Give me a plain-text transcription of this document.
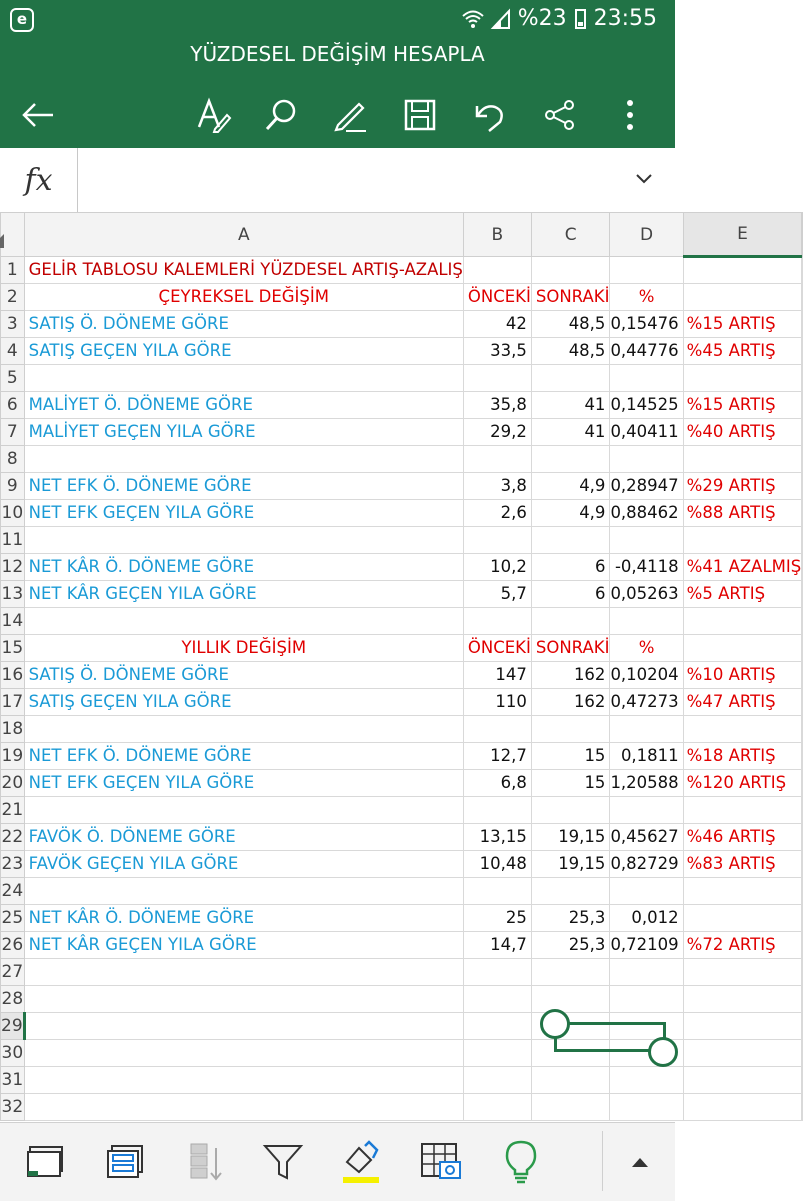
e	%23 23:55
YÜZDESEL DEĞİŞİM HESAPLA
fx
	A	B	C	D	E	
1	GELİR TABLOSU KALEMLERİ YÜZDESEL ARTIŞ-AZALIŞ					
2	ÇEYREKSEL DEĞİŞİM	ÖNCEKİ	SONRAKİ	%		
3	SATIŞ Ö. DÖNEME GÖRE	42	48,5	0,15476	%15 ARTIŞ	
4	SATIŞ GEÇEN YILA GÖRE	33,5	48,5	0,44776	%45 ARTIŞ	
5						
6	MALİYET Ö. DÖNEME GÖRE	35,8	41	0,14525	%15 ARTIŞ	
7	MALİYET GEÇEN YILA GÖRE	29,2	41	0,40411	%40 ARTIŞ	
8						
9	NET EFK Ö. DÖNEME GÖRE	3,8	4,9	0,28947	%29 ARTIŞ	
10	NET EFK GEÇEN YILA GÖRE	2,6	4,9	0,88462	%88 ARTIŞ	
11						
12	NET KÂR Ö. DÖNEME GÖRE	10,2	6	-0,4118	%41 AZALMIŞ	
13	NET KÂR GEÇEN YILA GÖRE	5,7	6	0,05263	%5 ARTIŞ	
14						
15	YILLIK DEĞİŞİM	ÖNCEKİ	SONRAKİ	%		
16	SATIŞ Ö. DÖNEME GÖRE	147	162	0,10204	%10 ARTIŞ	
17	SATIŞ GEÇEN YILA GÖRE	110	162	0,47273	%47 ARTIŞ	
18						
19	NET EFK Ö. DÖNEME GÖRE	12,7	15	0,1811	%18 ARTIŞ	
20	NET EFK GEÇEN YILA GÖRE	6,8	15	1,20588	%120 ARTIŞ	
21						
22	FAVÖK Ö. DÖNEME GÖRE	13,15	19,15	0,45627	%46 ARTIŞ	
23	FAVÖK GEÇEN YILA GÖRE	10,48	19,15	0,82729	%83 ARTIŞ	
24						
25	NET KÂR Ö. DÖNEME GÖRE	25	25,3	0,012		
26	NET KÂR GEÇEN YILA GÖRE	14,7	25,3	0,72109	%72 ARTIŞ	
27						
28						
29						
30						
31						
32						
